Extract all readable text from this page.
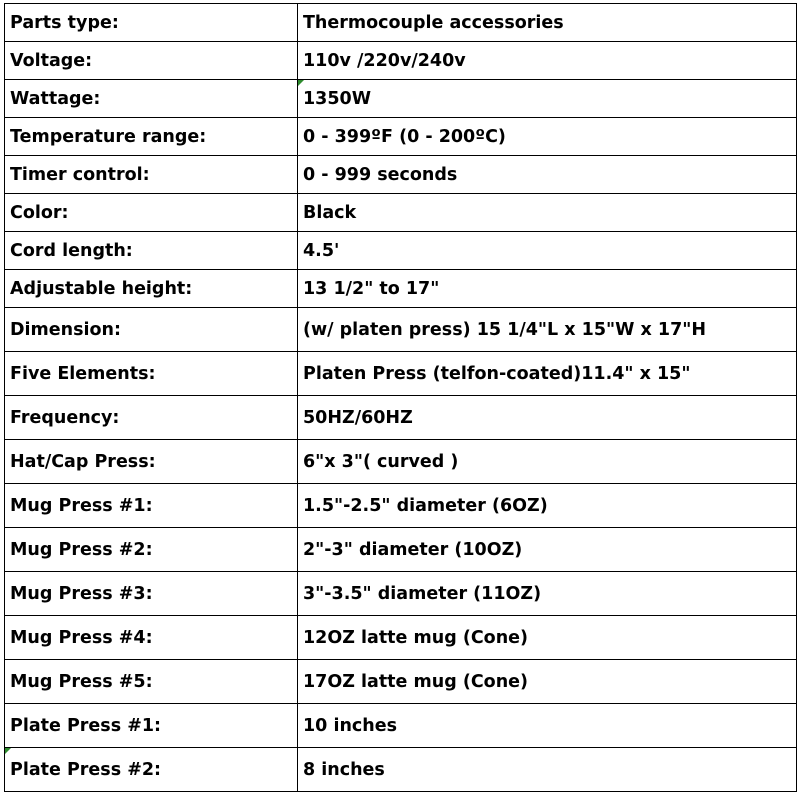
Parts type:	Thermocouple accessories
Voltage:	110v /220v/240v
Wattage:	1350W
Temperature range:	0 - 399ºF (0 - 200ºC)
Timer control:	0 - 999 seconds
Color:	Black
Cord length:	4.5'
Adjustable height:	13 1/2" to 17"
Dimension:	(w/ platen press) 15 1/4"L x 15"W x 17"H
Five Elements:	Platen Press (telfon-coated)11.4" x 15"
Frequency:	50HZ/60HZ
Hat/Cap Press:	6"x 3"( curved )
Mug Press #1:	1.5"-2.5" diameter (6OZ)
Mug Press #2:	2"-3" diameter (10OZ)
Mug Press #3:	3"-3.5" diameter (11OZ)
Mug Press #4:	12OZ latte mug (Cone)
Mug Press #5:	17OZ latte mug (Cone)
Plate Press #1:	10 inches

Plate Press #2:	8 inches
